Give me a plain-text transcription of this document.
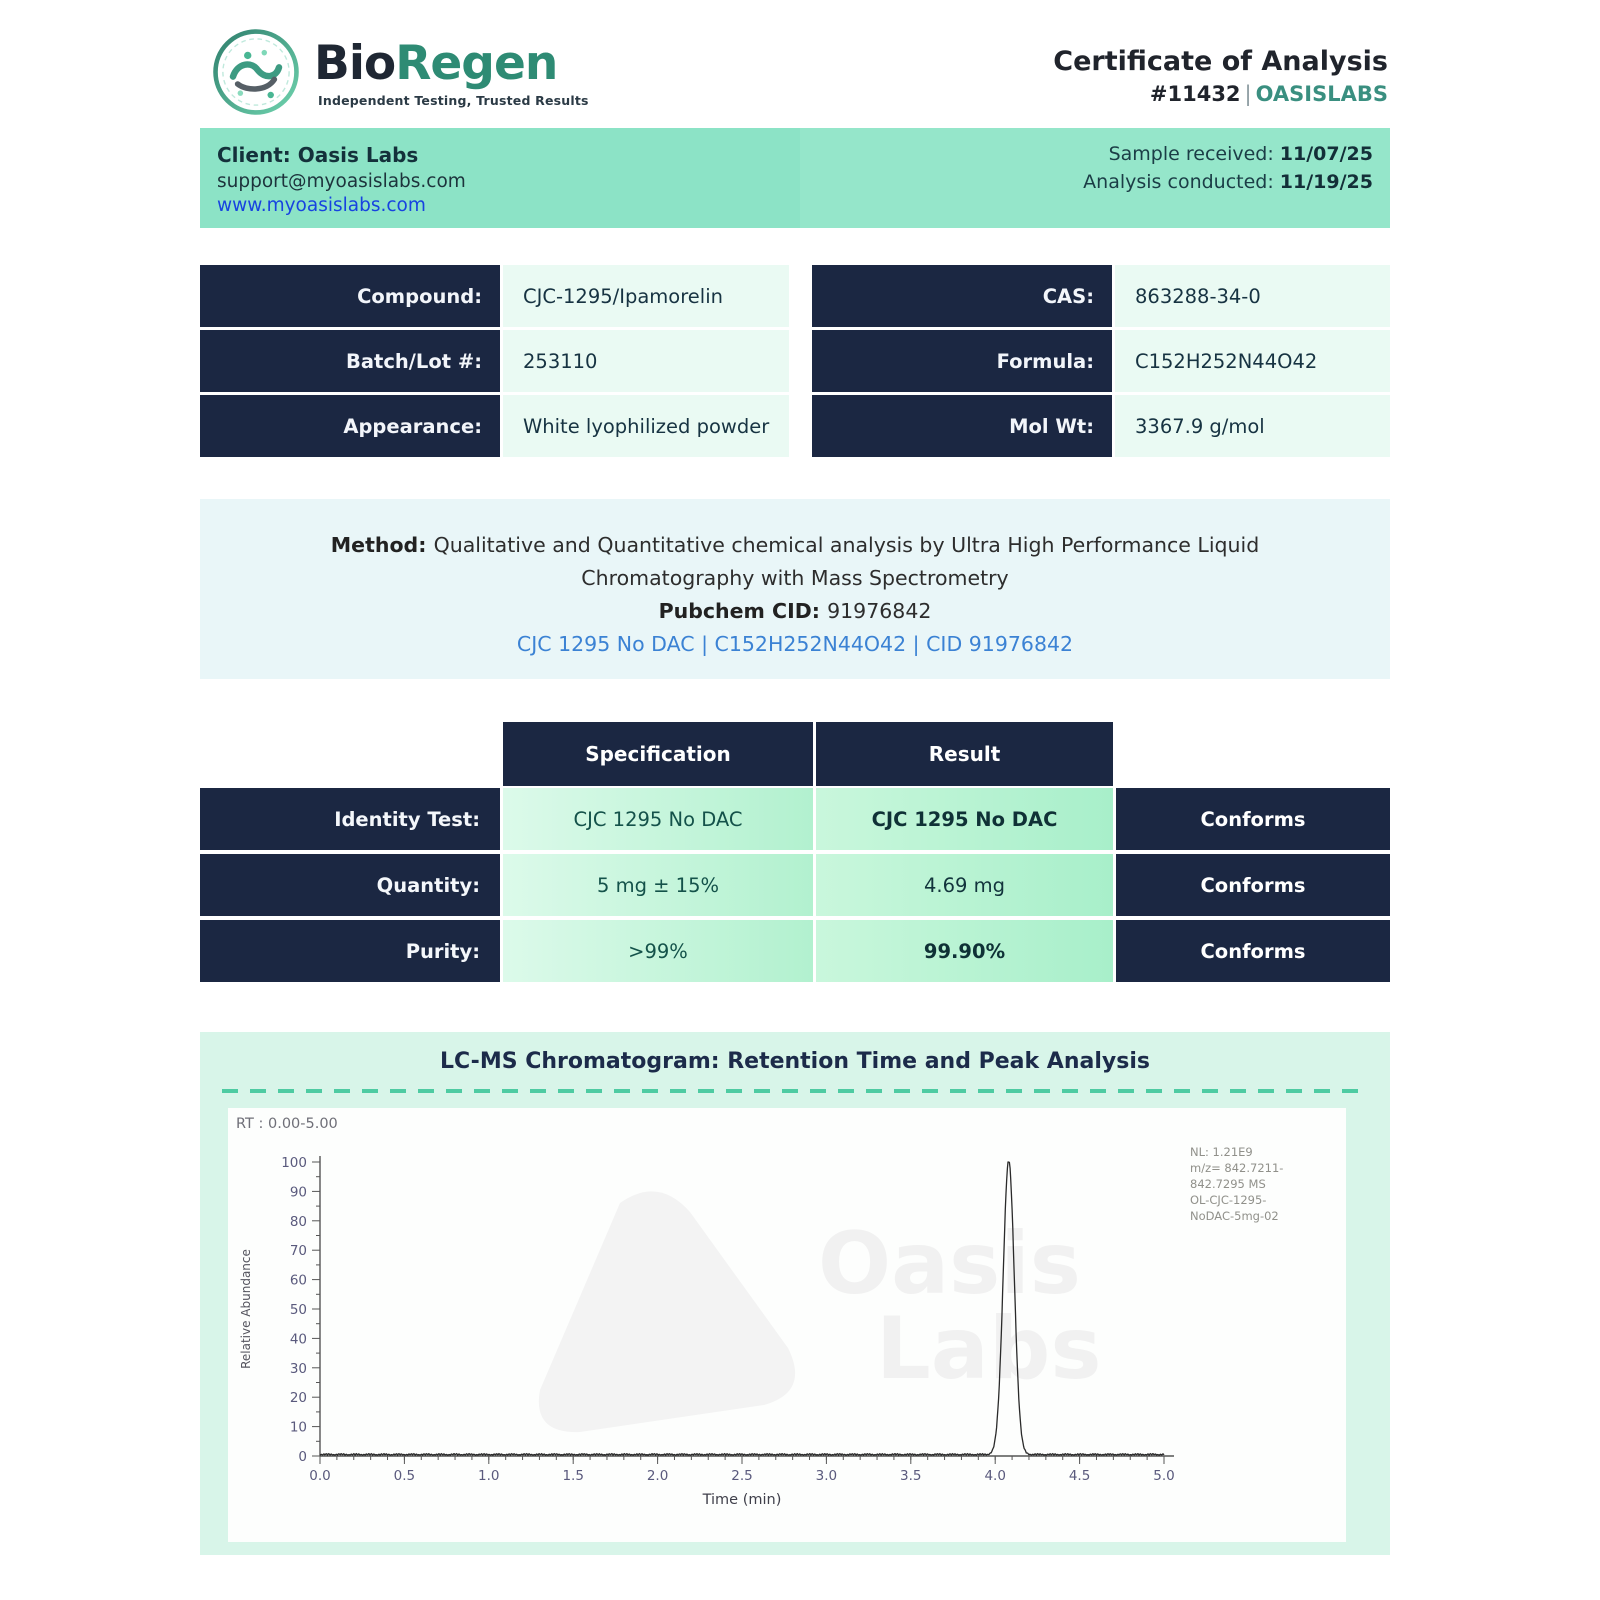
BioRegen
Independent Testing, Trusted Results
Certificate of Analysis
#11432 | OASISLABS
Client: Oasis Labs
support@myoasislabs.com
www.myoasislabs.com
Sample received: 11/07/25
Analysis conducted: 11/19/25
Compound:	CJC-1295/Ipamorelin
Batch/Lot #:	253110
Appearance:	White lyophilized powder
CAS:	863288-34-0
Formula:	C152H252N44O42
Mol Wt:	3367.9 g/mol
Method: Qualitative and Quantitative chemical analysis by Ultra High Performance Liquid Chromatography with Mass Spectrometry
Pubchem CID: 91976842
CJC 1295 No DAC | C152H252N44O42 | CID 91976842
Specification	Result
Identity Test:	CJC 1295 No DAC	CJC 1295 No DAC	Conforms
Quantity:	5 mg ± 15%	4.69 mg	Conforms
Purity:	>99%	99.90%	Conforms
LC-MS Chromatogram: Retention Time and Peak Analysis
Oasis
Labs
RT : 0.00-5.00
0
10
20
30
40
50
60
70
80
90
100
0.0	0.5	1.0	1.5	2.0	2.5	3.0	3.5	4.0	4.5	5.0
Time (min)
Relative Abundance
NL: 1.21E9
m/z= 842.7211-
842.7295 MS
OL-CJC-1295-
NoDAC-5mg-02
